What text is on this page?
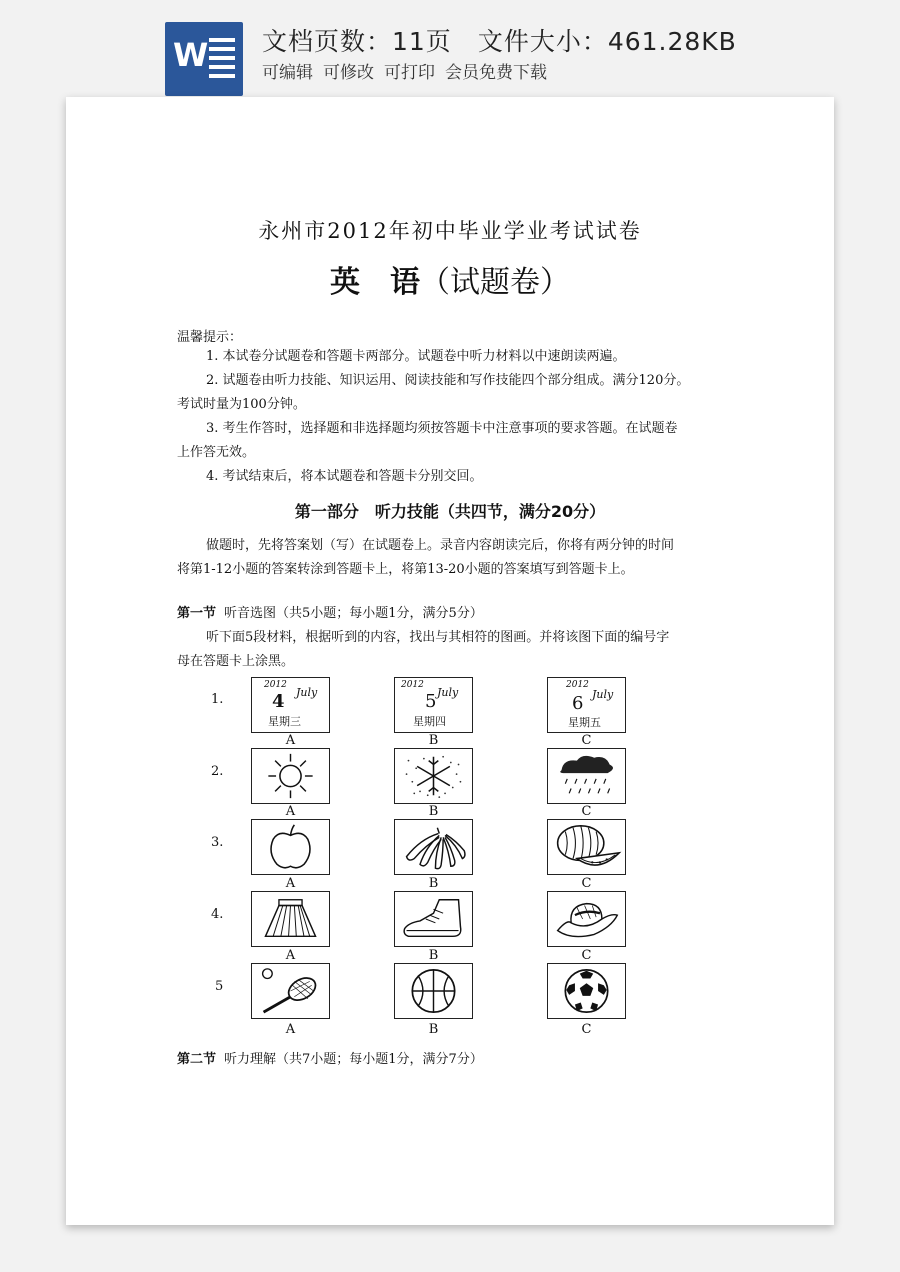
W 文档页数：11页 文件大小：461.28KB
可编辑 可修改 可打印 会员免费下载
永州市2012年初中毕业学业考试试卷
英　语（试题卷）
温馨提示：
1. 本试卷分试题卷和答题卡两部分。试题卷中听力材料以中速朗读两遍。
2. 试题卷由听力技能、知识运用、阅读技能和写作技能四个部分组成。满分120分。
考试时量为100分钟。
3. 考生作答时，选择题和非选择题均须按答题卡中注意事项的要求答题。在试题卷
上作答无效。
4. 考试结束后，将本试题卷和答题卡分别交回。
第一部分 听力技能（共四节，满分20分）
做题时，先将答案划（写）在试题卷上。录音内容朗读完后，你将有两分钟的时间
将第1-12小题的答案转涂到答题卡上，将第13-20小题的答案填写到答题卡上。
第一节 听音选图（共5小题；每小题1分，满分5分）
听下面5段材料，根据听到的内容，找出与其相符的图画。并将该图下面的编号字
母在答题卡上涂黑。
1.
2012
July
4
星期三
2012
July
5
星期四
2012
July
6
星期五
A	B	C
2.
A	B	C
3.
A	B	C
4.
A	B	C
5
A	B	C
第二节 听力理解（共7小题；每小题1分，满分7分）
